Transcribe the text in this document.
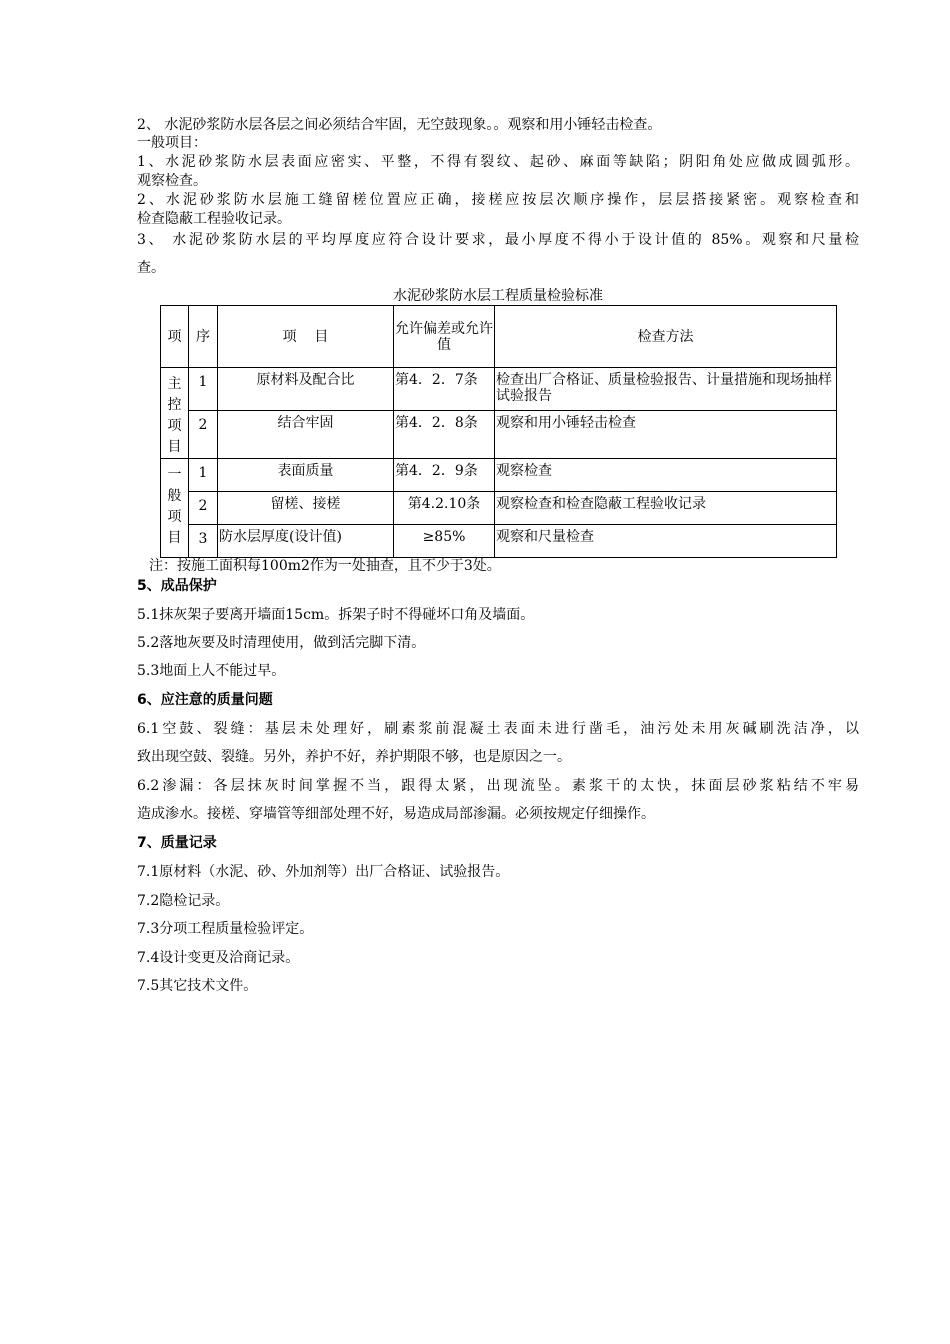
2、 水泥砂浆防水层各层之间必须结合牢固，无空鼓现象。。观察和用小锤轻击检查。
一般项目：
1、水泥砂浆防水层表面应密实、平整，不得有裂纹、起砂、麻面等缺陷；阴阳角处应做成圆弧形。
观察检查。
2、水泥砂浆防水层施工缝留槎位置应正确，接槎应按层次顺序操作，层层搭接紧密。观察检查和
检查隐蔽工程验收记录。
3、 水泥砂浆防水层的平均厚度应符合设计要求，最小厚度不得小于设计值的 85%。观察和尺量检
查。
水泥砂浆防水层工程质量检验标准
项	序	项    目	允许偏差或允许值	检查方法
主控项目	1	原材料及配合比	第4．2．7条	检查出厂合格证、质量检验报告、计量措施和现场抽样试验报告
	2	结合牢固	第4．2．8条	观察和用小锤轻击检查
一般项目	1	表面质量	第4．2．9条	观察检查
	2	留槎、接槎	第4.2.10条	观察检查和检查隐蔽工程验收记录
	3	防水层厚度(设计值)	≥85%	观察和尺量检查
注：按施工面积每100m2作为一处抽查，且不少于3处。
5、成品保护
5.1抹灰架子要离开墙面15cm。拆架子时不得碰坏口角及墙面。
5.2落地灰要及时清理使用，做到活完脚下清。
5.3地面上人不能过早。
6、应注意的质量问题
6.1空鼓、裂缝：基层未处理好，刷素浆前混凝土表面未进行凿毛，油污处未用灰碱刷洗洁净，以
致出现空鼓、裂缝。另外，养护不好，养护期限不够，也是原因之一。
6.2渗漏：各层抹灰时间掌握不当，跟得太紧，出现流坠。素浆干的太快，抹面层砂浆粘结不牢易
造成渗水。接槎、穿墙管等细部处理不好，易造成局部渗漏。必须按规定仔细操作。
7、质量记录
7.1原材料（水泥、砂、外加剂等）出厂合格证、试验报告。
7.2隐检记录。
7.3分项工程质量检验评定。
7.4设计变更及洽商记录。
7.5其它技术文件。
